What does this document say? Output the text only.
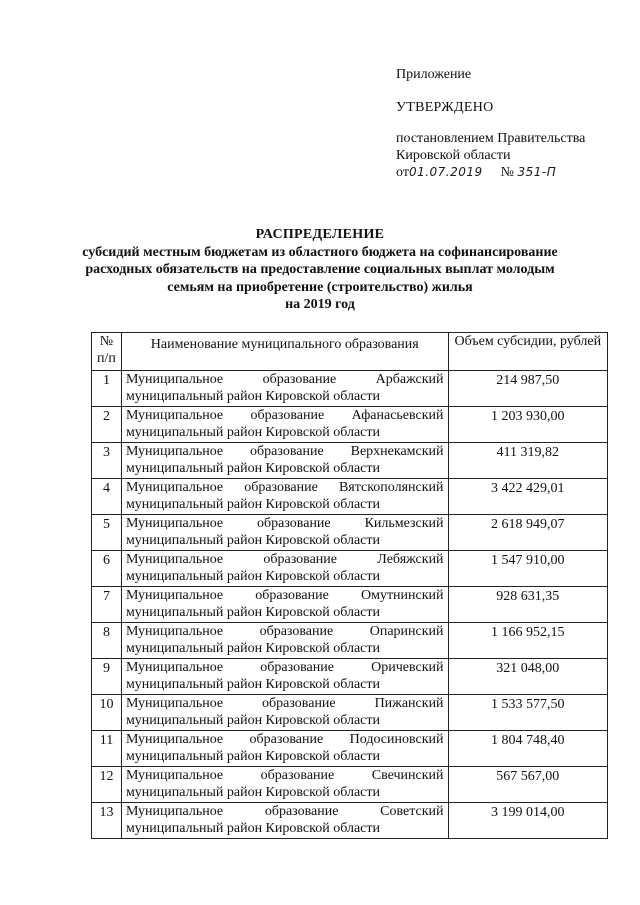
Приложение
УТВЕРЖДЕНО
постановлением Правительства
Кировской области
от01.07.2019 № 351-П
РАСПРЕДЕЛЕНИЕ
субсидий местным бюджетам из областного бюджета на софинансирование
расходных обязательств на предоставление социальных выплат молодым
семьям на приобретение (строительство) жилья
на 2019 год
№ п/п	Наименование муниципального образования	Объем субсидии, рублей
1	Муниципальное образование Арбажский
муниципальный район Кировской области	214 987,50
2	Муниципальное образование Афанасьевский
муниципальный район Кировской области	1 203 930,00
3	Муниципальное образование Верхнекамский
муниципальный район Кировской области	411 319,82
4	Муниципальное образование Вятскополянский
муниципальный район Кировской области	3 422 429,01
5	Муниципальное образование Кильмезский
муниципальный район Кировской области	2 618 949,07
6	Муниципальное образование Лебяжский
муниципальный район Кировской области	1 547 910,00
7	Муниципальное образование Омутнинский
муниципальный район Кировской области	928 631,35
8	Муниципальное образование Опаринский
муниципальный район Кировской области	1 166 952,15
9	Муниципальное образование Оричевский
муниципальный район Кировской области	321 048,00
10	Муниципальное образование Пижанский
муниципальный район Кировской области	1 533 577,50
11	Муниципальное образование Подосиновский
муниципальный район Кировской области	1 804 748,40
12	Муниципальное образование Свечинский
муниципальный район Кировской области	567 567,00
13	Муниципальное образование Советский
муниципальный район Кировской области	3 199 014,00
